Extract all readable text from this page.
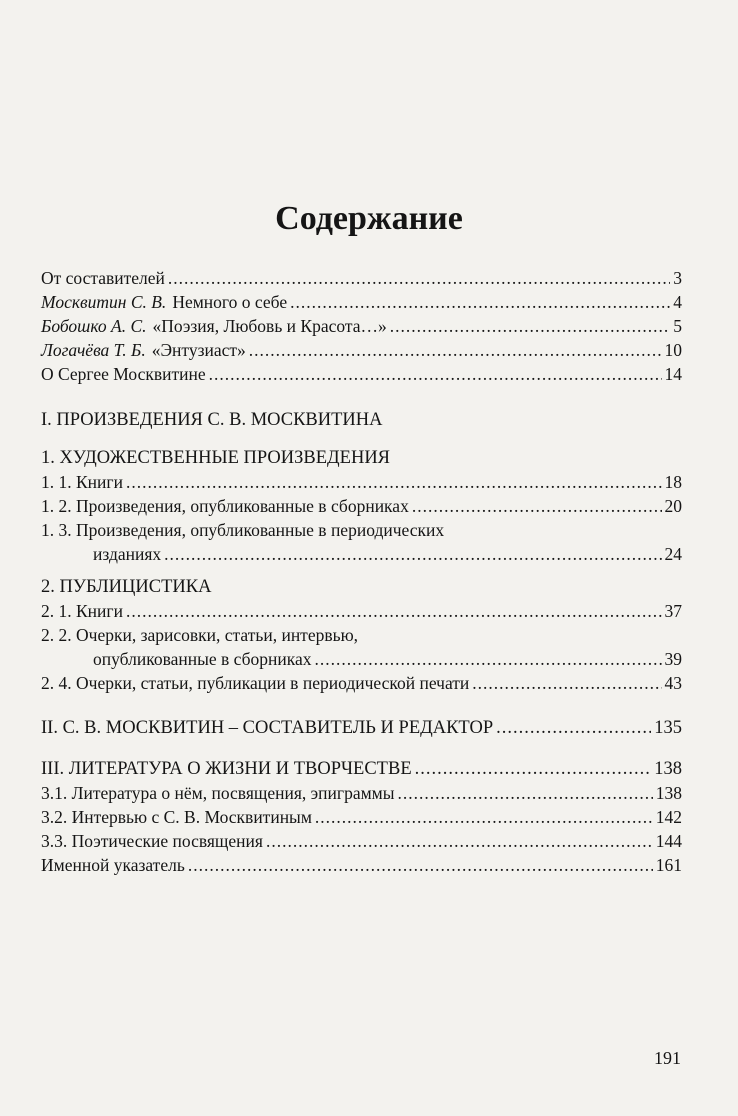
Содержание
От составителей .....	3
Москвитин С. В. Немного о себе .....	4
Бобошко А. С. «Поэзия, Любовь и Красота…» .....	5
Логачёва Т. Б. «Энтузиаст» .....	10
О Сергее Москвитине .....	14
I. ПРОИЗВЕДЕНИЯ С. В. МОСКВИТИНА
1. ХУДОЖЕСТВЕННЫЕ ПРОИЗВЕДЕНИЯ
1. 1. Книги .....	18
1. 2. Произведения, опубликованные в сборниках .....	20
1. 3. Произведения, опубликованные в периодических
изданиях .....	24
2. ПУБЛИЦИСТИКА
2. 1. Книги .....	37
2. 2. Очерки, зарисовки, статьи, интервью,
опубликованные в сборниках .....	39
2. 4. Очерки, статьи, публикации в периодической печати .....	43
II. С. В. МОСКВИТИН – СОСТАВИТЕЛЬ И РЕДАКТОР .....	135
III. ЛИТЕРАТУРА О ЖИЗНИ И ТВОРЧЕСТВЕ .....	138
3.1. Литература о нём, посвящения, эпиграммы .....	138
3.2. Интервью с С. В. Москвитиным .....	142
3.3. Поэтические посвящения .....	144
Именной указатель .....	161
191
